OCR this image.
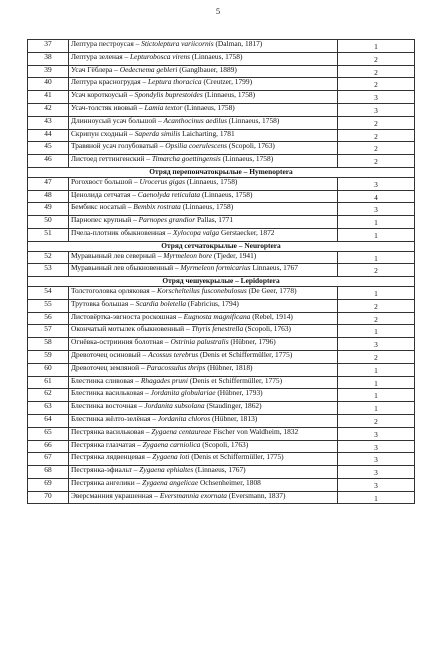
5
37	Лептура пестроусая – Stictoleptura variicornis (Dalman, 1817)	1
38	Лептура зеленая – Lepturobosca virens (Linnaeus, 1758)	2
39	Усач Гёблера – Oedecnema gebleri (Ganglbauer, 1889)	2
40	Лептура красногрудая – Leptura thoracica (Creutzer, 1799)	2
41	Усач короткоусый – Spondylis buprestoides (Linnaeus, 1758)	3
42	Усач-толстяк ивовый – Lamia textor (Linnaeus, 1758)	3
43	Длинноусый усач большой – Acanthocinus aedilus (Linnaeus, 1758)	2
44	Скрипун сходный – Saperda similis Laicharting, 1781	2
45	Травяной усач голубоватый – Opsilia coerulescens (Scopoli, 1763)	2
46	Листоед геттингенский – Timarcha goettingensis (Linnaeus, 1758)	2
Отряд перепончатокрылые – Hymenoptera		
47	Рогохвост большой – Urocerus gigas (Linnaeus, 1758)	3
48	Ценолида сетчатая – Caenolyda reticulata (Linnaeus, 1758)	4
49	Бембикс носатый – Bembix rostrata (Linnaeus, 1758)	3
50	Парнопес крупный – Parnopes grandior Pallas, 1771	1
51	Пчела-плотник обыкновенная – Xylocopa valga Gerstaecker, 1872	1
Отряд сетчатокрылые – Neuroptera		
52	Муравьиный лев северный – Myrmeleon bore (Tjeder, 1941)	1
53	Муравьиный лев обыкновенный – Myrmeleon formicarius Linnaeus, 1767	2
Отряд чешуекрылые – Lepidoptera		
54	Толстоголовка орляковая – Korschelteilus fusconebulosus (De Geer, 1778)	1
55	Трутовка большая – Scardia boletella (Fabricius, 1794)	2
56	Листовёртка-эвгноста роскошная – Eugnosta magnificana (Rebel, 1914)	2
57	Окончатый мотылек обыкновенный – Thyris fenestrella (Scopoli, 1763)	1
58	Огнёвка-острииния болотная – Ostrinia palustralis (Hübner, 1796)	3
59	Древоточец осиновый – Acossus terebrus (Denis et Schiffermüller, 1775)	2
60	Древоточец земляной – Paracossulus thrips (Hübner, 1818)	1
61	Блестинка сливовая – Rhagades pruni (Denis et Schiffermüller, 1775)	1
62	Блестинка васильковая – Jordanita globulariae (Hübner, 1793)	1
63	Блестинка восточная – Jordanita subsolana (Staudinger, 1862)	1
64	Блестинка жёлто-зелёная – Jordanita chloros (Hübner, 1813)	2
65	Пестрянка васильковая – Zygaena centaureae Fischer von Waldheim, 1832	3
66	Пестрянка глазчатая – Zygaena carniolica (Scopoli, 1763)	3
67	Пестрянка лядвенцевая – Zygaena loti (Denis et Schiffermüller, 1775)	3
68	Пестрянка-эфиальт – Zygaena ephialtes (Linnaeus, 1767)	3
69	Пестрянка ангелики – Zygaena angelicae Ochsenheimer, 1808	3
70	Эверсманния украшенная – Eversmannia exornata (Eversmann, 1837)	1
